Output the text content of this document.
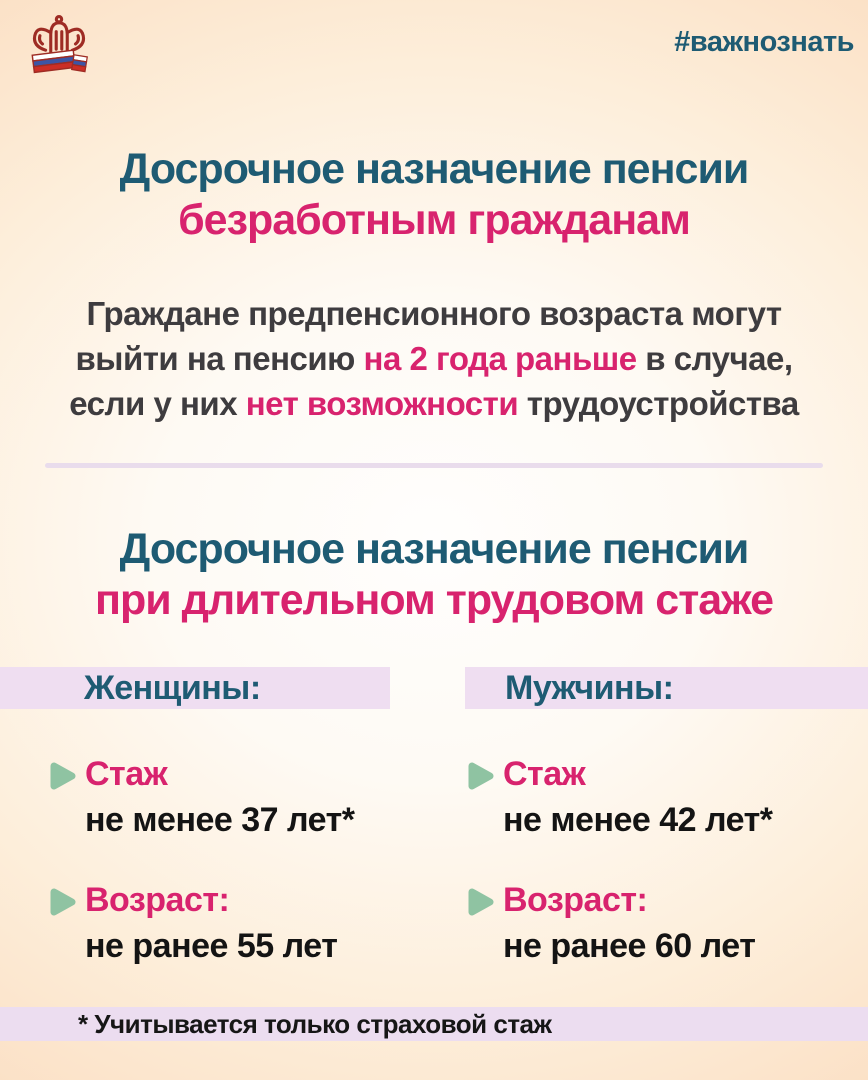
#важнознать
Досрочное назначение пенсии
безработным гражданам
Граждане предпенсионного возраста могут
выйти на пенсию на 2 года раньше в случае,
если у них нет возможности трудоустройства
Досрочное назначение пенсии
при длительном трудовом стаже
Женщины:	Мужчины:
Стаж
не менее 37 лет*
Возраст:
не ранее 55 лет
Стаж
не менее 42 лет*
Возраст:
не ранее 60 лет
* Учитывается только страховой стаж
